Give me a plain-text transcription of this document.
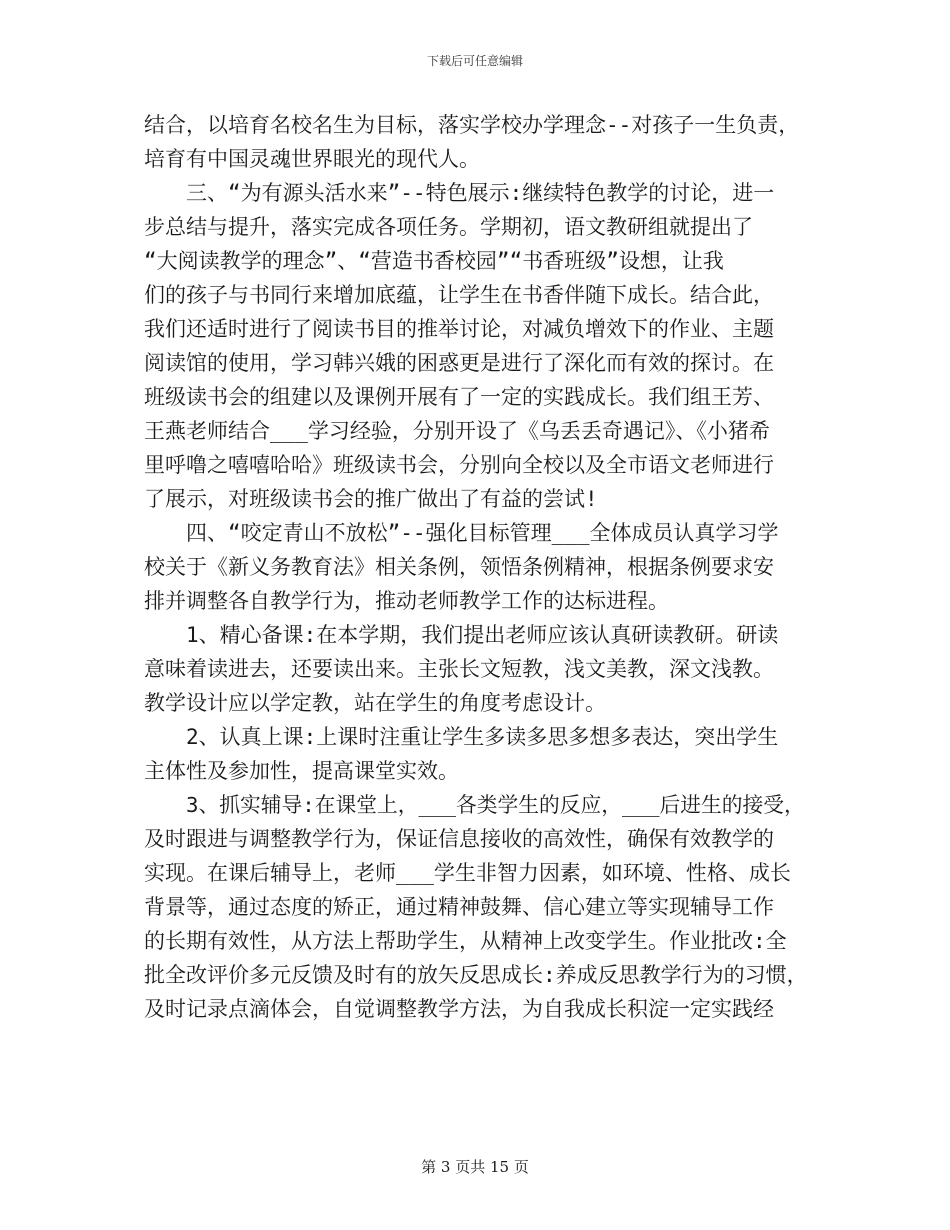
下载后可任意编辑
结合，以培育名校名生为目标，落实学校办学理念--对孩子一生负责，
培育有中国灵魂世界眼光的现代人。
三、“为有源头活水来”--特色展示:继续特色教学的讨论，进一
步总结与提升，落实完成各项任务。学期初，语文教研组就提出了
“大阅读教学的理念”、“营造书香校园”“书香班级”设想，让我
们的孩子与书同行来增加底蕴，让学生在书香伴随下成长。结合此，
我们还适时进行了阅读书目的推举讨论，对减负增效下的作业、主题
阅读馆的使用，学习韩兴娥的困惑更是进行了深化而有效的探讨。在
班级读书会的组建以及课例开展有了一定的实践成长。我们组王芳、
王燕老师结合___学习经验，分别开设了《乌丢丢奇遇记》、《小猪希
里呼噜之嘻嘻哈哈》班级读书会，分别向全校以及全市语文老师进行
了展示，对班级读书会的推广做出了有益的尝试!
四、“咬定青山不放松”--强化目标管理___全体成员认真学习学
校关于《新义务教育法》相关条例，领悟条例精神，根据条例要求安
排并调整各自教学行为，推动老师教学工作的达标进程。
1、精心备课:在本学期，我们提出老师应该认真研读教研。研读
意味着读进去，还要读出来。主张长文短教，浅文美教，深文浅教。
教学设计应以学定教，站在学生的角度考虑设计。
2、认真上课:上课时注重让学生多读多思多想多表达，突出学生
主体性及参加性，提高课堂实效。
3、抓实辅导:在课堂上，___各类学生的反应，___后进生的接受，
及时跟进与调整教学行为，保证信息接收的高效性，确保有效教学的
实现。在课后辅导上，老师___学生非智力因素，如环境、性格、成长
背景等，通过态度的矫正，通过精神鼓舞、信心建立等实现辅导工作
的长期有效性，从方法上帮助学生，从精神上改变学生。作业批改:全
批全改评价多元反馈及时有的放矢反思成长:养成反思教学行为的习惯，
及时记录点滴体会，自觉调整教学方法，为自我成长积淀一定实践经
第 3 页共 15 页
